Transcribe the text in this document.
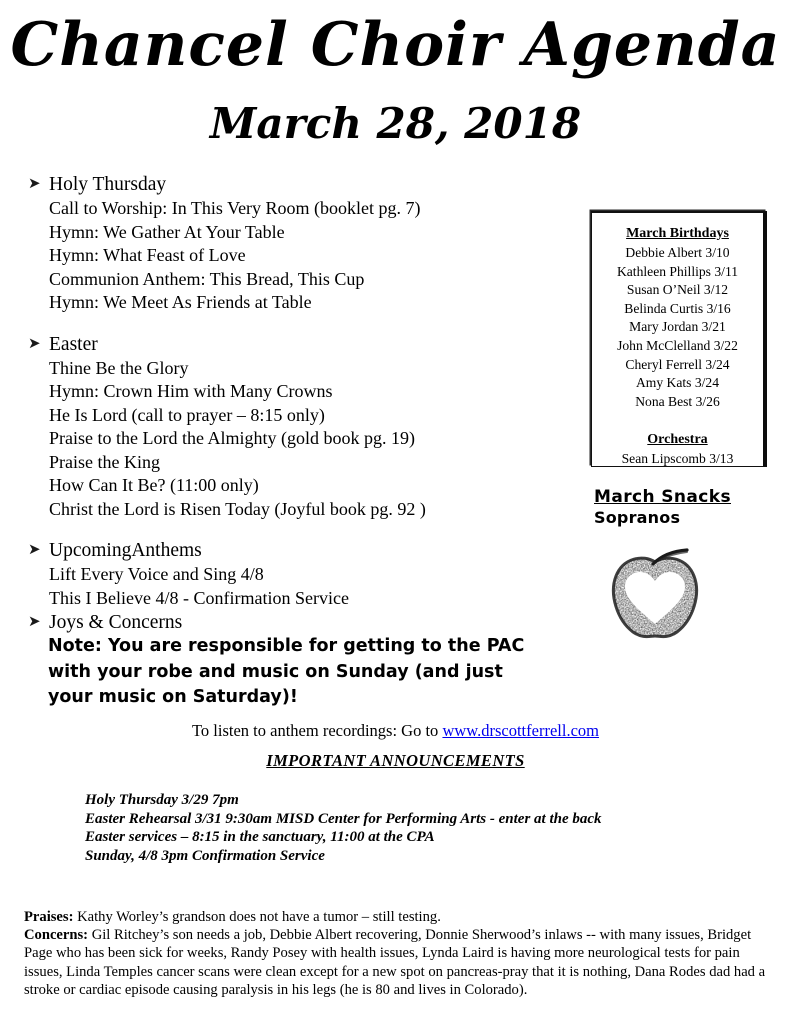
Chancel Choir Agenda
March 28, 2018
➤ Holy Thursday
Call to Worship: In This Very Room (booklet pg. 7)
Hymn: We Gather At Your Table
Hymn: What Feast of Love
Communion Anthem: This Bread, This Cup
Hymn: We Meet As Friends at Table
➤ Easter
Thine Be the Glory
Hymn: Crown Him with Many Crowns
He Is Lord (call to prayer – 8:15 only)
Praise to the Lord the Almighty (gold book pg. 19)
Praise the King
How Can It Be? (11:00 only)
Christ the Lord is Risen Today (Joyful book pg. 92 )
➤ UpcomingAnthems
Lift Every Voice and Sing 4/8
This I Believe 4/8 - Confirmation Service
➤ Joys & Concerns
March Birthdays
Debbie Albert 3/10
Kathleen Phillips 3/11
Susan O’Neil 3/12
Belinda Curtis 3/16
Mary Jordan 3/21
John McClelland 3/22
Cheryl Ferrell 3/24
Amy Kats 3/24
Nona Best 3/26
Orchestra
Sean Lipscomb 3/13
March Snacks
Sopranos
Note: You are responsible for getting to the PAC
with your robe and music on Sunday (and just
your music on Saturday)!
To listen to anthem recordings: Go to www.drscottferrell.com
IMPORTANT ANNOUNCEMENTS
Holy Thursday 3/29 7pm
Easter Rehearsal 3/31 9:30am MISD Center for Performing Arts - enter at the back
Easter services – 8:15 in the sanctuary, 11:00 at the CPA
Sunday, 4/8 3pm Confirmation Service

Praises: Kathy Worley’s grandson does not have a tumor – still testing.

Concerns: Gil Ritchey’s son needs a job, Debbie Albert recovering, Donnie Sherwood’s inlaws -- with many issues, Bridget Page who has been sick for weeks, Randy Posey with health issues, Lynda Laird is having more neurological tests for pain issues, Linda Temples cancer scans were clean except for a new spot on pancreas-pray that it is nothing, Dana Rodes dad had a stroke or cardiac episode causing paralysis in his legs (he is 80 and lives in Colorado).
